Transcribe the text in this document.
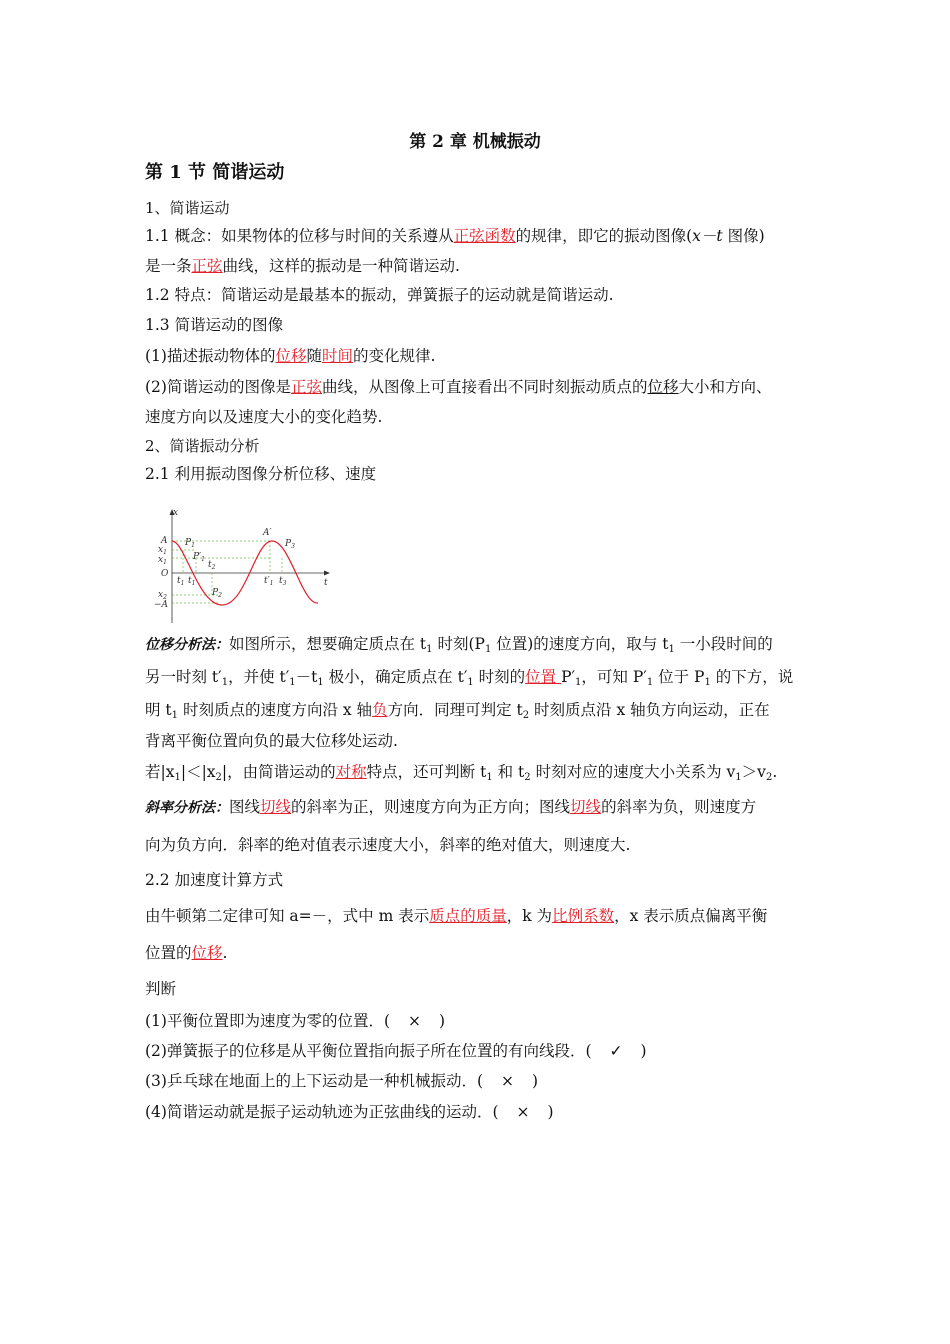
第 2 章 机械振动
第 1 节 简谐运动
1、简谐运动
1.1 概念：如果物体的位移与时间的关系遵从正弦函数的规律，即它的振动图像(x－t 图像)
是一条正弦曲线，这样的振动是一种简谐运动.
1.2 特点：简谐运动是最基本的振动，弹簧振子的运动就是简谐运动.
1.3 简谐运动的图像
(1)描述振动物体的位移随时间的变化规律.
(2)简谐运动的图像是正弦曲线，从图像上可直接看出不同时刻振动质点的位移大小和方向、
速度方向以及速度大小的变化趋势.
2、简谐振动分析
2.1 利用振动图像分析位移、速度
x
t
A
$x_1$
$x_1$
O
$x_2$
−A
$P_1$
$P'_1$
$P_2$
$P_3$
A′
$t_1$ $t_1$
$t_2$
$t'_1$ $t_3$
位移分析法：如图所示，想要确定质点在 $t_1$ 时刻($P_1$ 位置)的速度方向，取与 $t_1$ 一小段时间的
另一时刻 $t'_1$，并使 $t'_1-t_1$ 极小，确定质点在 $t'_1$ 时刻的位置 $P'_1$，可知 $P'_1$ 位于 $P_1$ 的下方，说
明 $t_1$ 时刻质点的速度方向沿 x 轴负方向．同理可判定 $t_2$ 时刻质点沿 x 轴负方向运动，正在
背离平衡位置向负的最大位移处运动.
若$|x_1|<|x_2|$，由简谐运动的对称特点，还可判断 $t_1$ 和 $t_2$ 时刻对应的速度大小关系为 $v_1>v_2$.
斜率分析法：图线切线的斜率为正，则速度方向为正方向；图线切线的斜率为负，则速度方
向为负方向．斜率的绝对值表示速度大小，斜率的绝对值大，则速度大.
2.2 加速度计算方式
由牛顿第二定律可知 a=－，式中 m 表示质点的质量，k 为比例系数，x 表示质点偏离平衡
位置的位移.
判断
(1)平衡位置即为速度为零的位置．( × )
(2)弹簧振子的位移是从平衡位置指向振子所在位置的有向线段．( ✓ )
(3)乒乓球在地面上的上下运动是一种机械振动．( × )
(4)简谐运动就是振子运动轨迹为正弦曲线的运动．( × )
